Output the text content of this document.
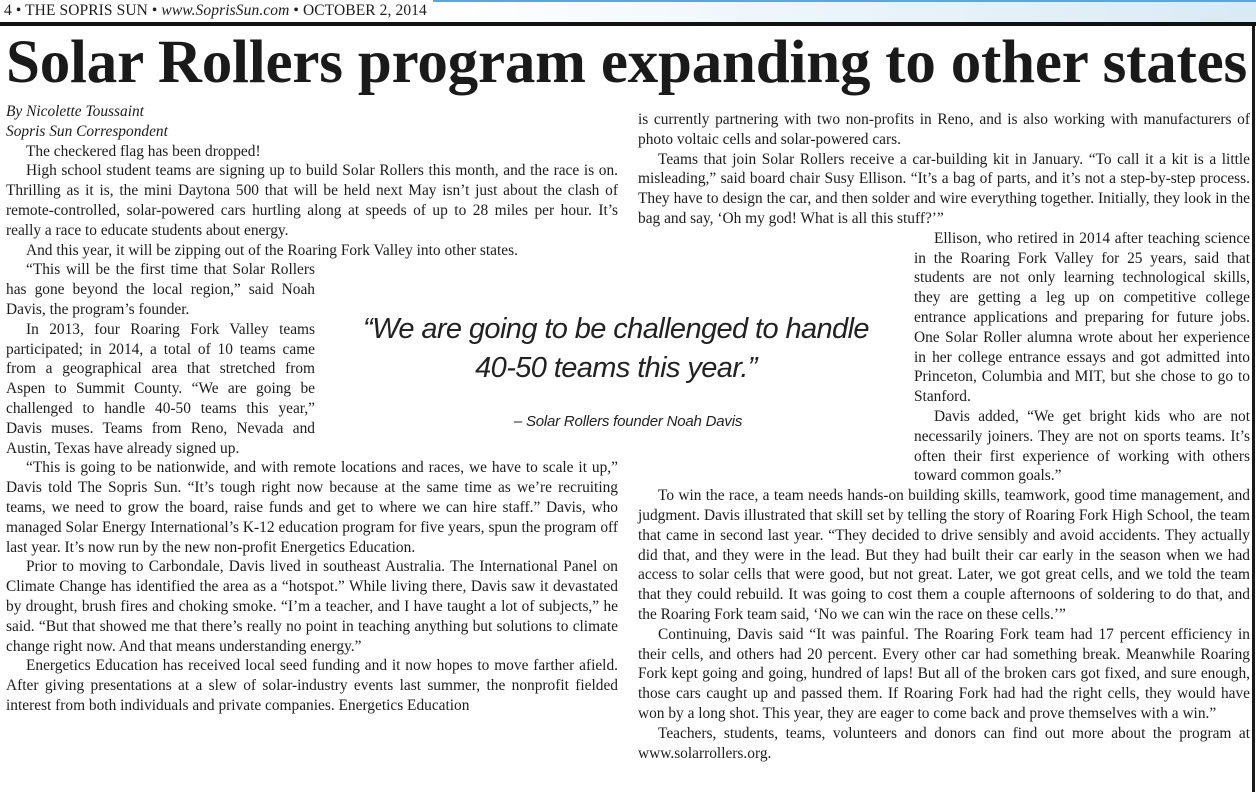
4 • THE SOPRIS SUN • www.SoprisSun.com • OCTOBER 2, 2014
Solar Rollers program expanding to other states

By Nicolette Toussaint

Sopris Sun Correspondent

The checkered flag has been dropped!

High school student teams are signing up to build Solar Rollers this month, and the race is on. Thrilling as it is, the mini Daytona 500 that will be held next May isn’t just about the clash of remote-controlled, solar-powered cars hurtling along at speeds of up to 28 miles per hour. It’s really a race to educate students about energy.

And this year, it will be zipping out of the Roaring Fork Valley into other states.

“This will be the first time that Solar Rollers has gone beyond the local region,” said Noah Davis, the program’s founder.

In 2013, four Roaring Fork Valley teams participated; in 2014, a total of 10 teams came from a geographical area that stretched from Aspen to Summit County. “We are going be challenged to handle 40-50 teams this year,” Davis muses. Teams from Reno, Nevada and Austin, Texas have already signed up.

“This is going to be nationwide, and with remote locations and races, we have to scale it up,” Davis told The Sopris Sun. “It’s tough right now because at the same time as we’re recruiting teams, we need to grow the board, raise funds and get to where we can hire staff.” Davis, who managed Solar Energy International’s K-12 education program for five years, spun the program off last year. It’s now run by the new non-profit Energetics Education.

Prior to moving to Carbondale, Davis lived in southeast Australia. The International Panel on Climate Change has identified the area as a “hotspot.” While living there, Davis saw it devastated by drought, brush fires and choking smoke. “I’m a teacher, and I have taught a lot of subjects,” he said. “But that showed me that there’s really no point in teaching anything but solutions to climate change right now. And that means understanding energy.”

Energetics Education has received local seed funding and it now hopes to move farther afield. After giving presentations at a slew of solar-industry events last summer, the nonprofit fielded interest from both individuals and private companies. Energetics Education

is currently partnering with two non-profits in Reno, and is also working with manufacturers of photo voltaic cells and solar-powered cars.

Teams that join Solar Rollers receive a car-building kit in January. “To call it a kit is a little misleading,” said board chair Susy Ellison. “It’s a bag of parts, and it’s not a step-by-step process. They have to design the car, and then solder and wire everything together. Initially, they look in the bag and say, ‘Oh my god! What is all this stuff?’”

Ellison, who retired in 2014 after teaching science in the Roaring Fork Valley for 25 years, said that students are not only learning technological skills, they are getting a leg up on competitive college entrance applications and preparing for future jobs. One Solar Roller alumna wrote about her experience in her college entrance essays and got admitted into Princeton, Columbia and MIT, but she chose to go to Stanford.

Davis added, “We get bright kids who are not necessarily joiners. They are not on sports teams. It’s often their first experience of working with others toward common goals.”

To win the race, a team needs hands-on building skills, teamwork, good time management, and judgment. Davis illustrated that skill set by telling the story of Roaring Fork High School, the team that came in second last year. “They decided to drive sensibly and avoid accidents. They actually did that, and they were in the lead. But they had built their car early in the season when we had access to solar cells that were good, but not great. Later, we got great cells, and we told the team that they could rebuild. It was going to cost them a couple afternoons of soldering to do that, and the Roaring Fork team said, ‘No we can win the race on these cells.’”

Continuing, Davis said “It was painful. The Roaring Fork team had 17 percent efficiency in their cells, and others had 20 percent. Every other car had something break. Meanwhile Roaring Fork kept going and going, hundred of laps! But all of the broken cars got fixed, and sure enough, those cars caught up and passed them. If Roaring Fork had had the right cells, they would have won by a long shot. This year, they are eager to come back and prove themselves with a win.”

Teachers, students, teams, volunteers and donors can find out more about the program at www.solarrollers.org.

“We are going to be challenged to handle
40-50 teams this year.”
– Solar Rollers founder Noah Davis
